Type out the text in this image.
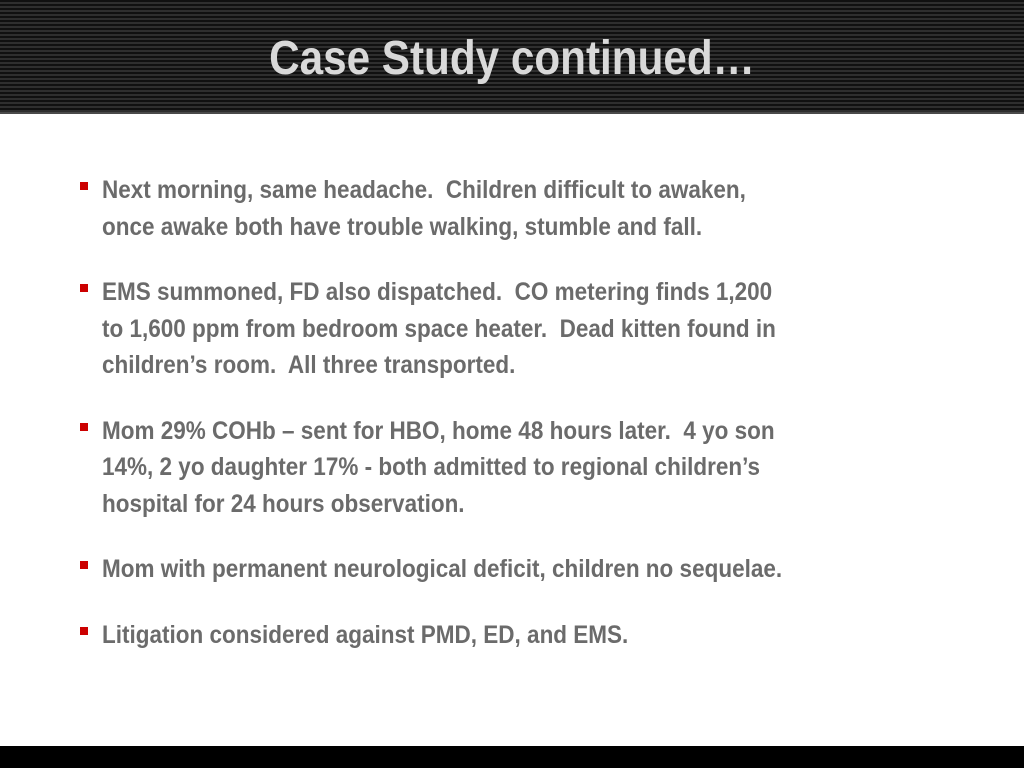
Case Study continued…
Next morning, same headache.  Children difficult to awaken,
once awake both have trouble walking, stumble and fall.
EMS summoned, FD also dispatched.  CO metering finds 1,200
to 1,600 ppm from bedroom space heater.  Dead kitten found in
children’s room.  All three transported.
Mom 29% COHb – sent for HBO, home 48 hours later.  4 yo son
14%, 2 yo daughter 17% - both admitted to regional children’s
hospital for 24 hours observation.
Mom with permanent neurological deficit, children no sequelae.
Litigation considered against PMD, ED, and EMS.
